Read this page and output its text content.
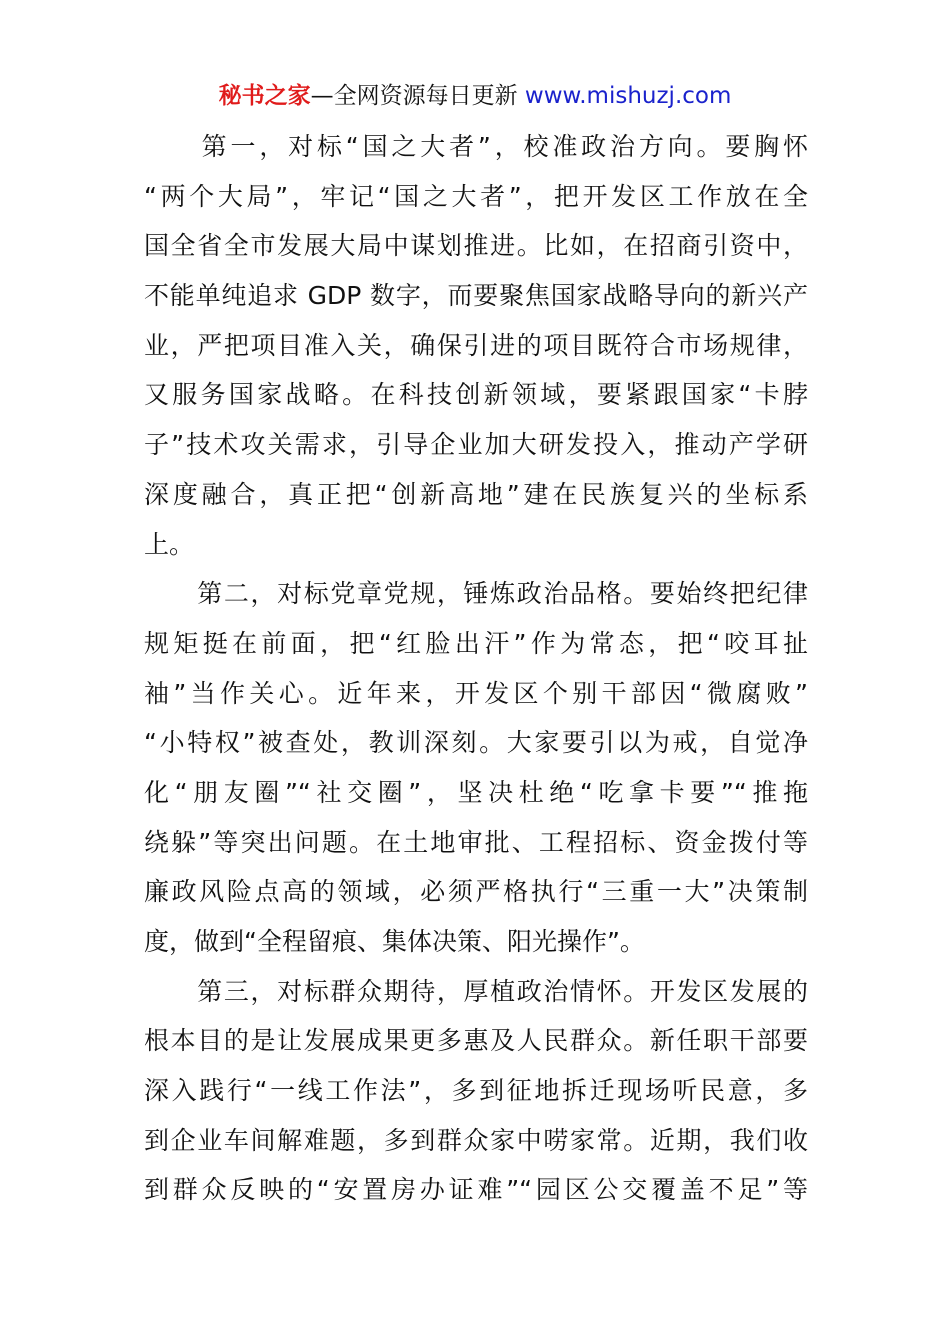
秘书之家—全网资源每日更新 www.mishuzj.com
　　第一，对标“国之大者”，校准政治方向。要胸怀
“两个大局”，牢记“国之大者”，把开发区工作放在全
国全省全市发展大局中谋划推进。比如，在招商引资中，
不能单纯追求 GDP 数字，而要聚焦国家战略导向的新兴产
业，严把项目准入关，确保引进的项目既符合市场规律，
又服务国家战略。在科技创新领域，要紧跟国家“卡脖
子”技术攻关需求，引导企业加大研发投入，推动产学研
深度融合，真正把“创新高地”建在民族复兴的坐标系
上。
　　第二，对标党章党规，锤炼政治品格。要始终把纪律
规矩挺在前面，把“红脸出汗”作为常态，把“咬耳扯
袖”当作关心。近年来，开发区个别干部因“微腐败”
“小特权”被查处，教训深刻。大家要引以为戒，自觉净
化“朋友圈”“社交圈”，坚决杜绝“吃拿卡要”“推拖
绕躲”等突出问题。在土地审批、工程招标、资金拨付等
廉政风险点高的领域，必须严格执行“三重一大”决策制
度，做到“全程留痕、集体决策、阳光操作”。
　　第三，对标群众期待，厚植政治情怀。开发区发展的
根本目的是让发展成果更多惠及人民群众。新任职干部要
深入践行“一线工作法”，多到征地拆迁现场听民意，多
到企业车间解难题，多到群众家中唠家常。近期，我们收
到群众反映的“安置房办证难”“园区公交覆盖不足”等
